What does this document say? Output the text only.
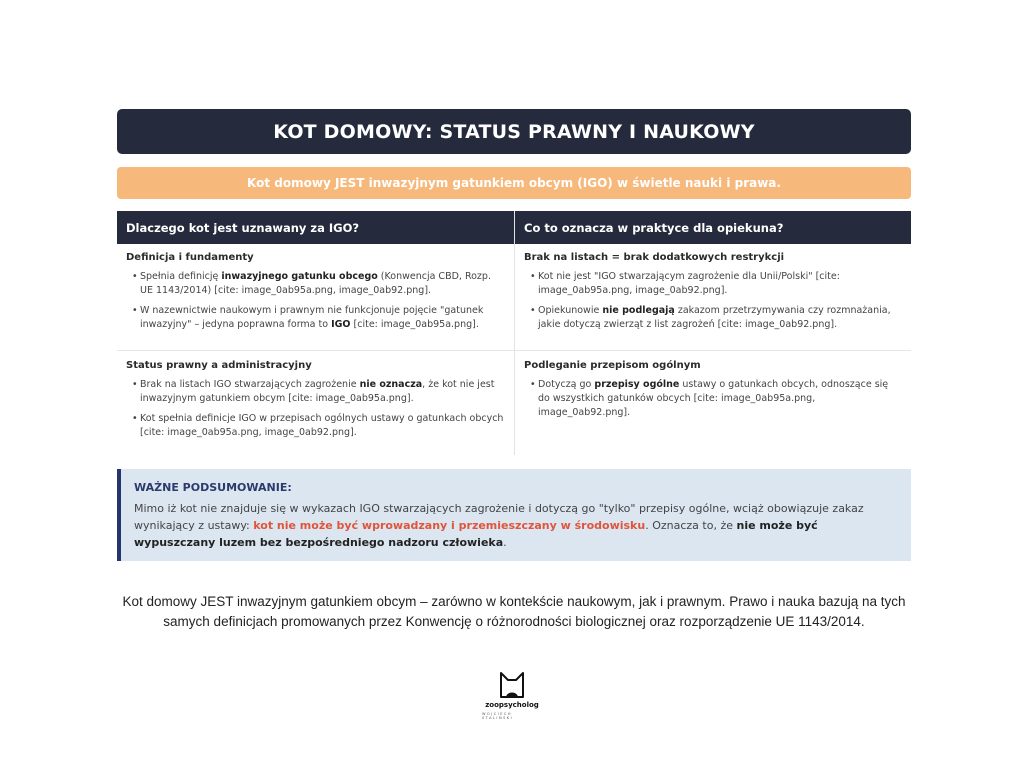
KOT DOMOWY: STATUS PRAWNY I NAUKOWY
Kot domowy JEST inwazyjnym gatunkiem obcym (IGO) w świetle nauki i prawa.
Dlaczego kot jest uznawany za IGO?
Definicja i fundamenty
• Spełnia definicję inwazyjnego gatunku obcego (Konwencja CBD, Rozp. UE 1143/2014) [cite: image_0ab95a.png, image_0ab92.png].
• W nazewnictwie naukowym i prawnym nie funkcjonuje pojęcie "gatunek inwazyjny" – jedyna poprawna forma to IGO [cite: image_0ab95a.png].
Status prawny a administracyjny
• Brak na listach IGO stwarzających zagrożenie nie oznacza, że kot nie jest inwazyjnym gatunkiem obcym [cite: image_0ab95a.png].
• Kot spełnia definicje IGO w przepisach ogólnych ustawy o gatunkach obcych [cite: image_0ab95a.png, image_0ab92.png].
Co to oznacza w praktyce dla opiekuna?
Brak na listach = brak dodatkowych restrykcji
• Kot nie jest "IGO stwarzającym zagrożenie dla Unii/Polski" [cite: image_0ab95a.png, image_0ab92.png].
• Opiekunowie nie podlegają zakazom przetrzymywania czy rozmnażania, jakie dotyczą zwierząt z list zagrożeń [cite: image_0ab92.png].
Podleganie przepisom ogólnym
• Dotyczą go przepisy ogólne ustawy o gatunkach obcych, odnoszące się do wszystkich gatunków obcych [cite: image_0ab95a.png, image_0ab92.png].
WAŻNE PODSUMOWANIE:
Mimo iż kot nie znajduje się w wykazach IGO stwarzających zagrożenie i dotyczą go "tylko" przepisy ogólne, wciąż obowiązuje zakaz wynikający z ustawy: kot nie może być wprowadzany i przemieszczany w środowisku. Oznacza to, że nie może być wypuszczany luzem bez bezpośredniego nadzoru człowieka.
Kot domowy JEST inwazyjnym gatunkiem obcym – zarówno w kontekście naukowym, jak i prawnym. Prawo i nauka bazują na tych samych definicjach promowanych przez Konwencję o różnorodności biologicznej oraz rozporządzenie UE 1143/2014.
zoopsycholog
WOJCIECH STALIŃSKI
